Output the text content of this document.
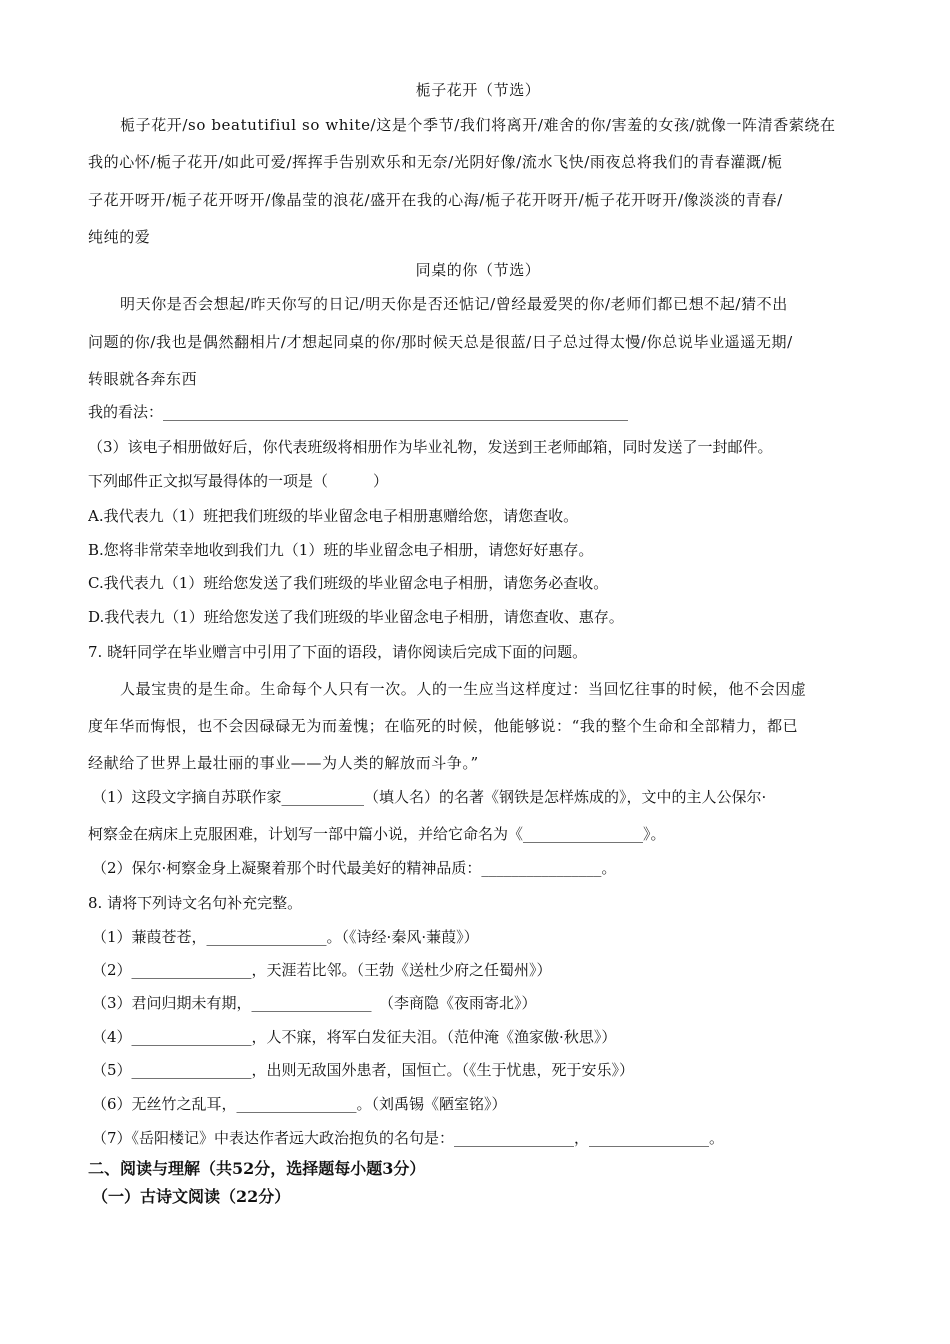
栀子花开（节选）
栀子花开/so beatutifiul so white/这是个季节/我们将离开/难舍的你/害羞的女孩/就像一阵清香萦绕在
我的心怀/栀子花开/如此可爱/挥挥手告别欢乐和无奈/光阴好像/流水飞快/雨夜总将我们的青春灌溉/栀
子花开呀开/栀子花开呀开/像晶莹的浪花/盛开在我的心海/栀子花开呀开/栀子花开呀开/像淡淡的青春/
纯纯的爱
同桌的你（节选）
明天你是否会想起/昨天你写的日记/明天你是否还惦记/曾经最爱哭的你/老师们都已想不起/猜不出
问题的你/我也是偶然翻相片/才想起同桌的你/那时候天总是很蓝/日子总过得太慢/你总说毕业遥遥无期/
转眼就各奔东西
我的看法：______________________________________________________________
（3）该电子相册做好后，你代表班级将相册作为毕业礼物，发送到王老师邮箱，同时发送了一封邮件。
下列邮件正文拟写最得体的一项是（　　　）
A.我代表九（1）班把我们班级的毕业留念电子相册惠赠给您，请您查收。
B.您将非常荣幸地收到我们九（1）班的毕业留念电子相册，请您好好惠存。
C.我代表九（1）班给您发送了我们班级的毕业留念电子相册，请您务必查收。
D.我代表九（1）班给您发送了我们班级的毕业留念电子相册，请您查收、惠存。
7. 晓轩同学在毕业赠言中引用了下面的语段，请你阅读后完成下面的问题。
人最宝贵的是生命。生命每个人只有一次。人的一生应当这样度过：当回忆往事的时候，他不会因虚
度年华而悔恨，也不会因碌碌无为而羞愧；在临死的时候，他能够说：“我的整个生命和全部精力，都已
经献给了世界上最壮丽的事业——为人类的解放而斗争。”
（1）这段文字摘自苏联作家___________（填人名）的名著《钢铁是怎样炼成的》，文中的主人公保尔·
柯察金在病床上克服困难，计划写一部中篇小说，并给它命名为《________________》。
（2）保尔·柯察金身上凝聚着那个时代最美好的精神品质：________________。
8. 请将下列诗文名句补充完整。
（1）蒹葭苍苍，________________。（《诗经·秦风·蒹葭》）
（2）________________，天涯若比邻。（王勃《送杜少府之任蜀州》）
（3）君问归期未有期，________________　（李商隐《夜雨寄北》）
（4）________________，人不寐，将军白发征夫泪。（范仲淹《渔家傲·秋思》）
（5）________________，出则无敌国外患者，国恒亡。（《生于忧患，死于安乐》）
（6）无丝竹之乱耳，________________。（刘禹锡《陋室铭》）
（7）《岳阳楼记》中表达作者远大政治抱负的名句是：________________，________________。
二、阅读与理解（共52分，选择题每小题3分）
（一）古诗文阅读（22分）
